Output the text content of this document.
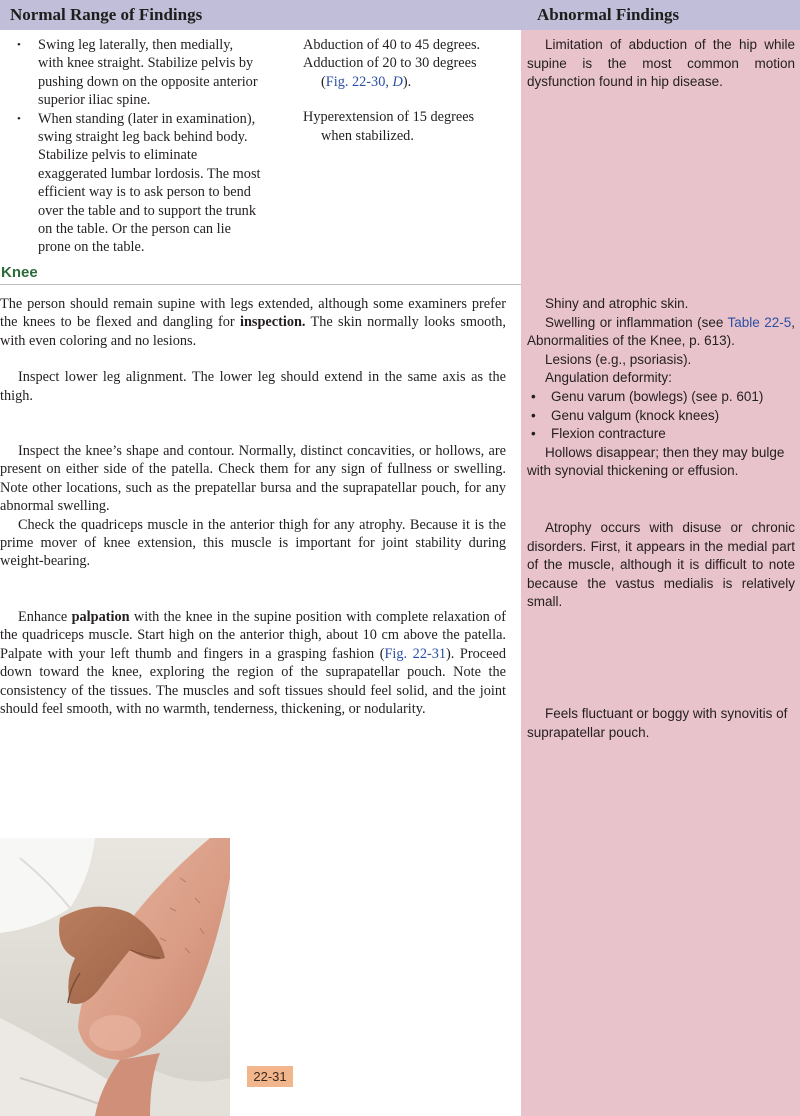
Normal Range of Findings	Abnormal Findings
• Swing leg laterally, then medially, with knee straight. Stabilize pelvis by pushing down on the opposite anterior superior iliac spine.
• When standing (later in examination), swing straight leg back behind body. Stabilize pelvis to eliminate exaggerated lumbar lordosis. The most efficient way is to ask person to bend over the table and to support the trunk on the table. Or the person can lie prone on the table.
Abduction of 40 to 45 degrees.
Adduction of 20 to 30 degrees
(Fig. 22-30, D).
Hyperextension of 15 degrees
when stabilized.
Limitation of abduction of the hip while supine is the most common motion dysfunction found in hip disease.
Knee

The person should remain supine with legs extended, although some examiners prefer the knees to be flexed and dangling for inspection. The skin normally looks smooth, with even coloring and no lesions.

Inspect lower leg alignment. The lower leg should extend in the same axis as the thigh.

Inspect the knee’s shape and contour. Normally, distinct concavities, or hollows, are present on either side of the patella. Check them for any sign of fullness or swelling. Note other locations, such as the prepatellar bursa and the suprapatellar pouch, for any abnormal swelling.

Check the quadriceps muscle in the anterior thigh for any atrophy. Because it is the prime mover of knee extension, this muscle is important for joint stability during weight-bearing.

Enhance palpation with the knee in the supine position with complete relaxation of the quadriceps muscle. Start high on the anterior thigh, about 10 cm above the patella. Palpate with your left thumb and fingers in a grasping fashion (Fig. 22-31). Proceed down toward the knee, exploring the region of the suprapatellar pouch. Note the consistency of the tissues. The muscles and soft tissues should feel solid, and the joint should feel smooth, with no warmth, tenderness, thickening, or nodularity.

Shiny and atrophic skin.
Swelling or inflammation (see Table 22-5, Abnormalities of the Knee, p. 613).
Lesions (e.g., psoriasis).
Angulation deformity:
• Genu varum (bowlegs) (see p. 601)
• Genu valgum (knock knees)
• Flexion contracture
Hollows disappear; then they may bulge with synovial thickening or effusion.
Atrophy occurs with disuse or chronic disorders. First, it appears in the medial part of the muscle, although it is difficult to note because the vastus medialis is relatively small.
Feels fluctuant or boggy with synovitis of suprapatellar pouch.
22-31
